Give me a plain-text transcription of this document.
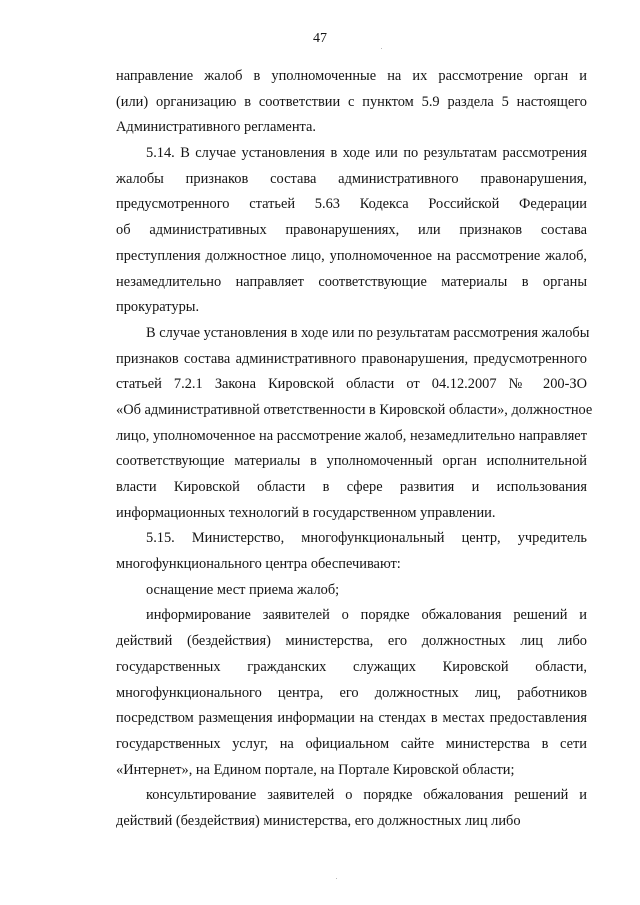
47
направление жалоб в уполномоченные на их рассмотрение орган и
(или) организацию в соответствии с пунктом 5.9 раздела 5 настоящего
Административного регламента.
5.14. В случае установления в ходе или по результатам рассмотрения
жалобы признаков состава административного правонарушения,
предусмотренного статьей 5.63 Кодекса Российской Федерации
об административных правонарушениях, или признаков состава
преступления должностное лицо, уполномоченное на рассмотрение жалоб,
незамедлительно направляет соответствующие материалы в органы
прокуратуры.
В случае установления в ходе или по результатам рассмотрения жалобы
признаков состава административного правонарушения, предусмотренного
статьей 7.2.1 Закона Кировской области от 04.12.2007 № 200-ЗО
«Об административной ответственности в Кировской области», должностное
лицо, уполномоченное на рассмотрение жалоб, незамедлительно направляет
соответствующие материалы в уполномоченный орган исполнительной
власти Кировской области в сфере развития и использования
информационных технологий в государственном управлении.
5.15. Министерство, многофункциональный центр, учредитель
многофункционального центра обеспечивают:
оснащение мест приема жалоб;
информирование заявителей о порядке обжалования решений и
действий (бездействия) министерства, его должностных лиц либо
государственных гражданских служащих Кировской области,
многофункционального центра, его должностных лиц, работников
посредством размещения информации на стендах в местах предоставления
государственных услуг, на официальном сайте министерства в сети
«Интернет», на Едином портале, на Портале Кировской области;
консультирование заявителей о порядке обжалования решений и
действий (бездействия) министерства, его должностных лиц либо
